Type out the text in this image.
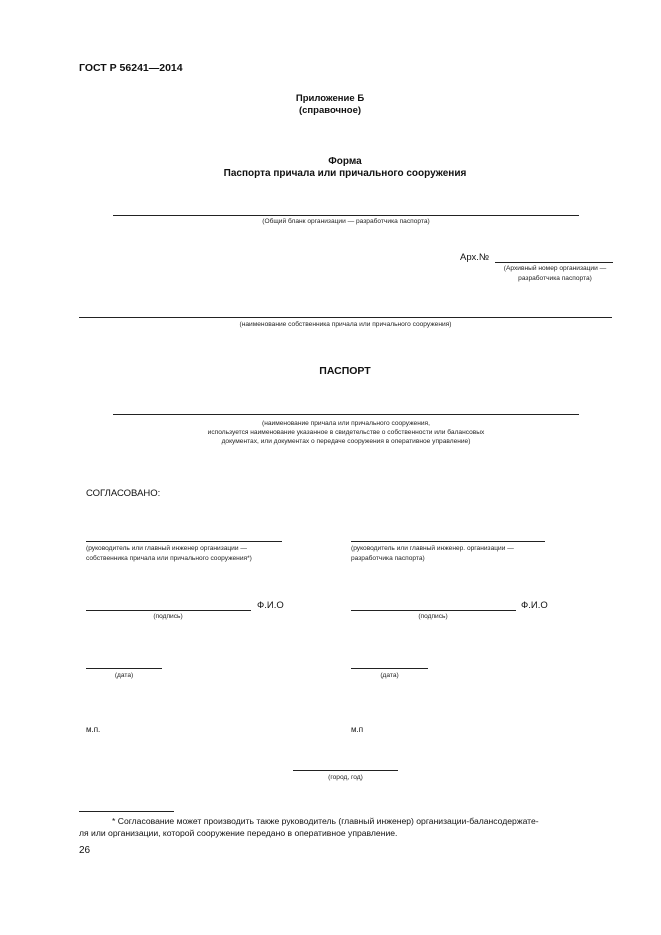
ГОСТ Р 56241—2014
Приложение Б
(справочное)
Форма
Паспорта причала или причального сооружения
(Общий бланк организации — разработчика паспорта)
Арх.№
(Архивный номер организации —
разработчика паспорта)
(наименование собственника причала или причального сооружения)
ПАСПОРТ
(наименование причала или причального сооружения,
используется наименование указанное в свидетельстве о собственности или балансовых
документах, или документах о передаче сооружения в оперативное управление)
СОГЛАСОВАНО:
(руководитель или главный инженер организации —
собственника причала или причального сооружения*)
Ф.И.О
(подпись)
(дата)
м.п.
(руководитель или главный инженер. организации —
разработчика паспорта)
Ф.И.О
(подпись)
(дата)
м.п
(город, год)
* Согласование может производить также руководитель (главный инженер) организации-балансодержате-
ля или организации, которой сооружение передано в оперативное управление.
26
